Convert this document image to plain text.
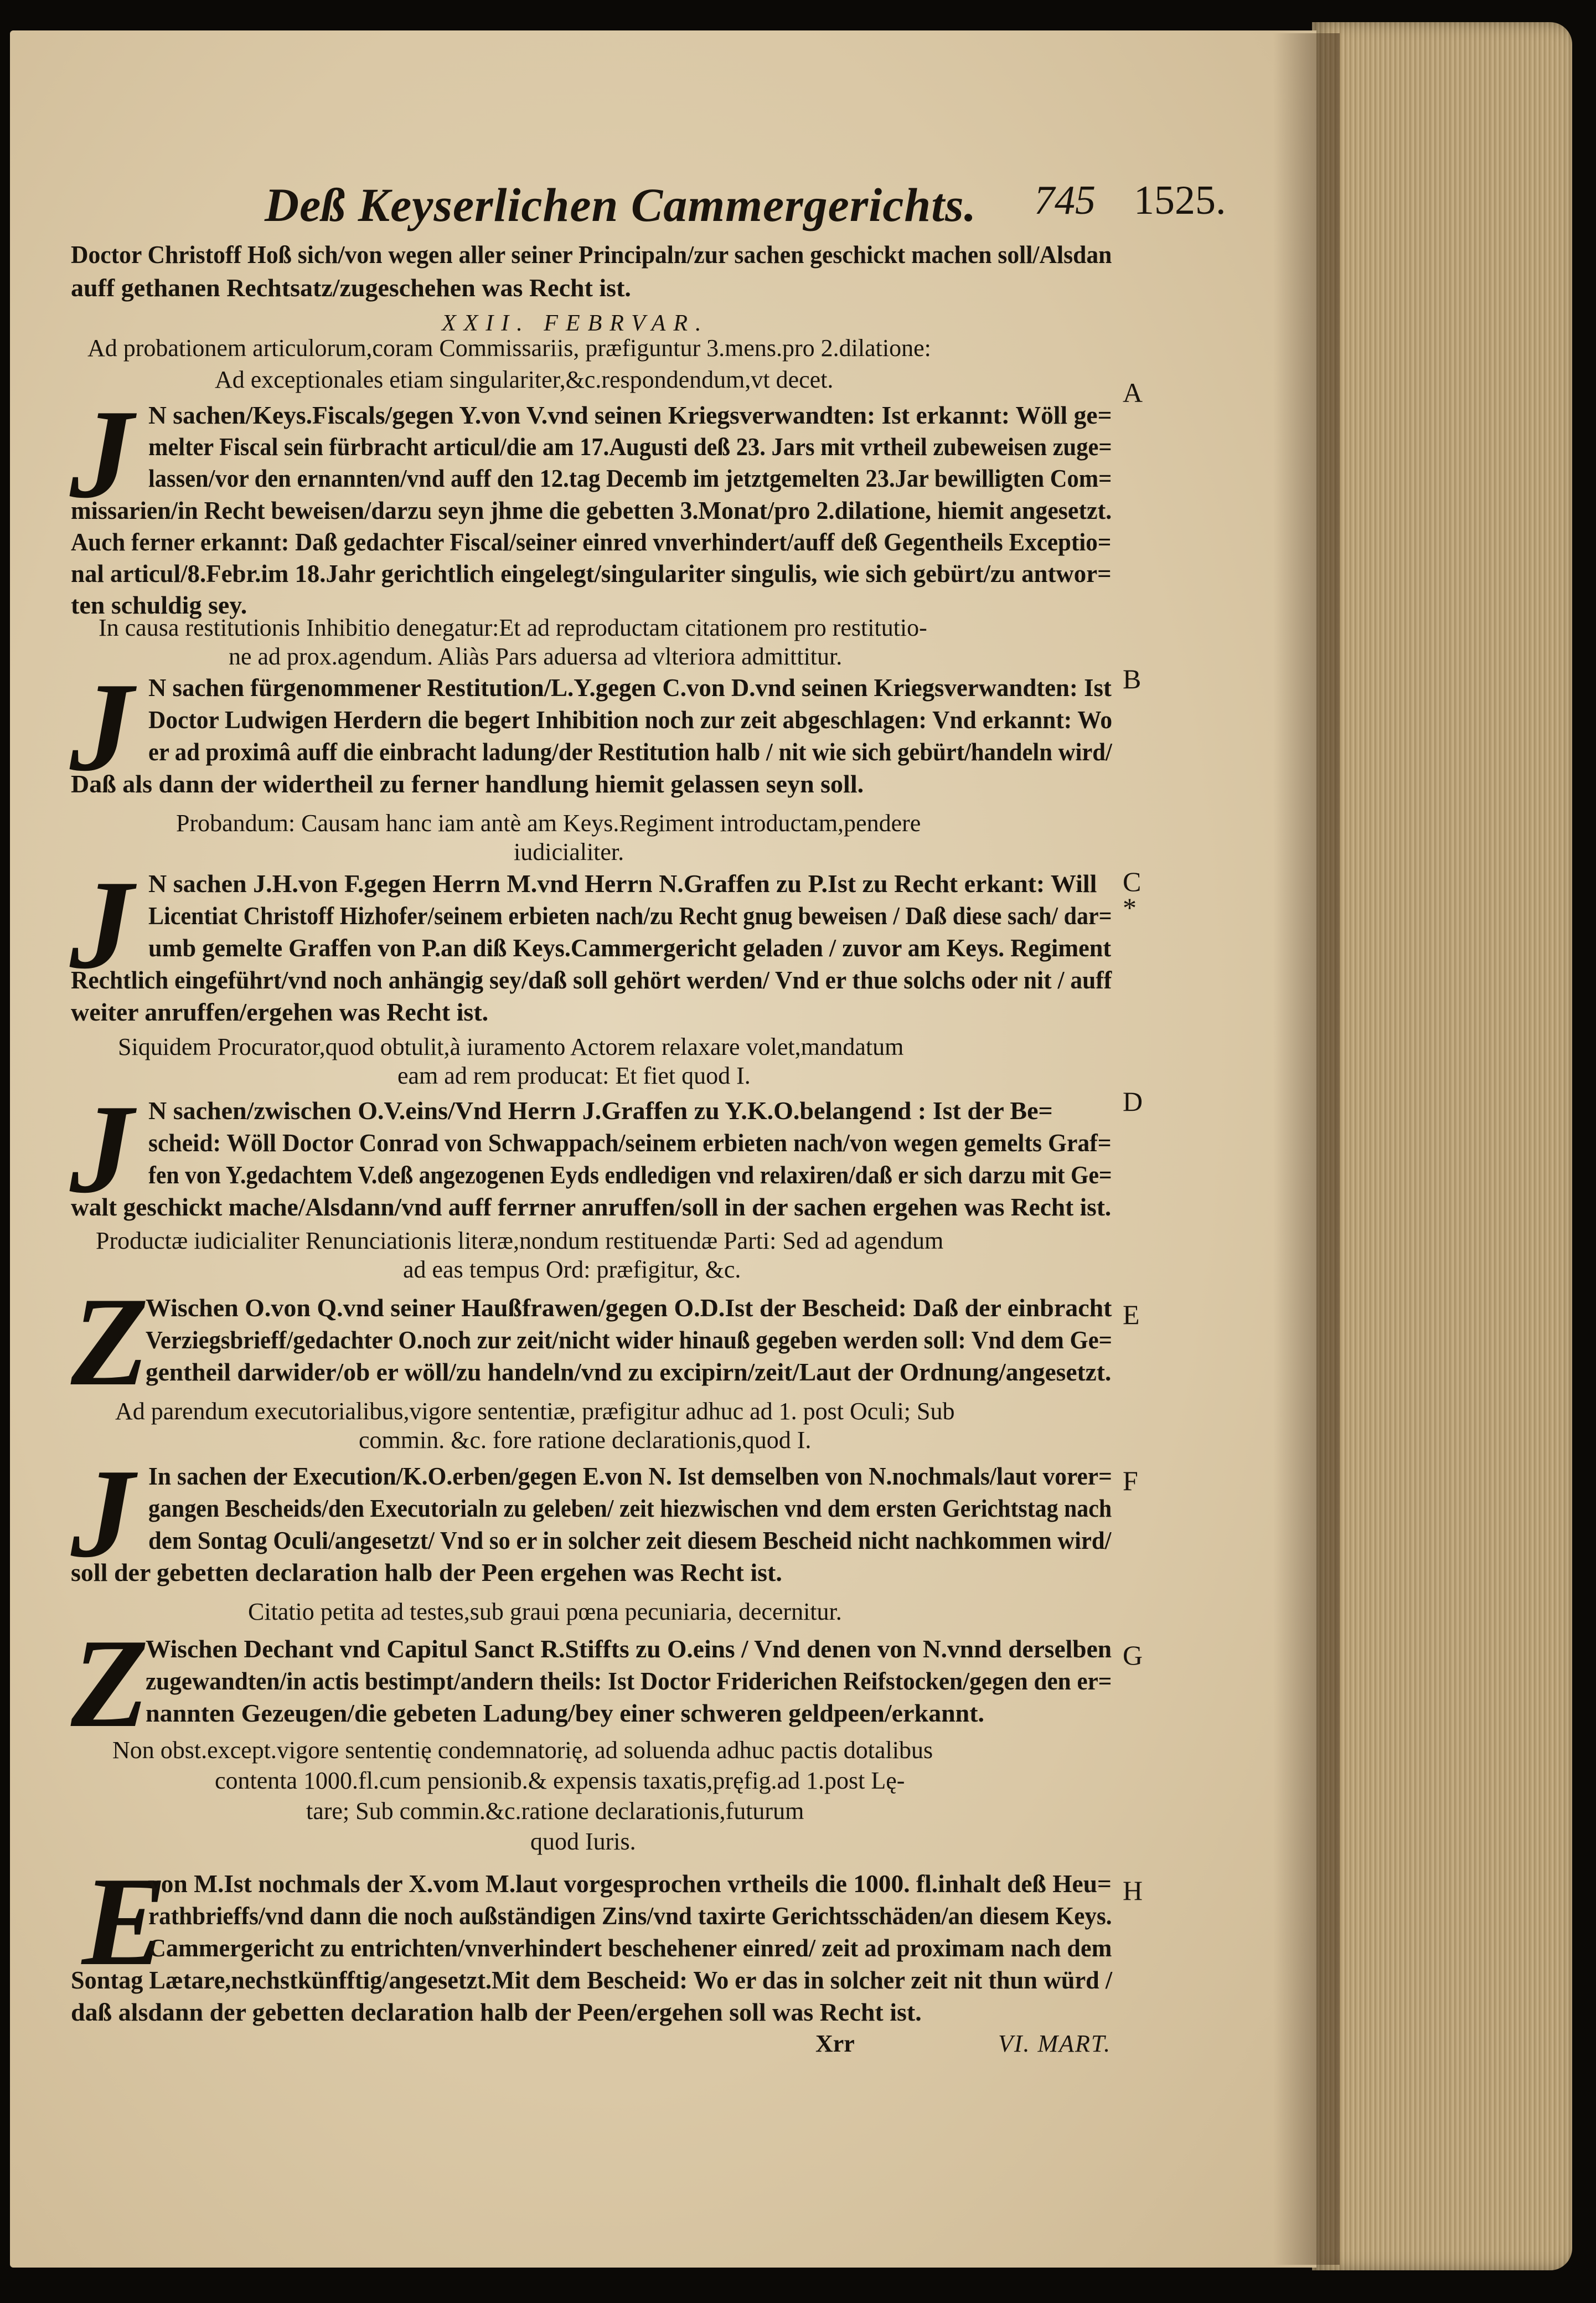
Deß Keyserlichen Cammergerichts. 745 1525.
Doctor Christoff Hoß sich/von wegen aller seiner Principaln/zur sachen geschickt machen soll/Alsdan
auff gethanen Rechtsatz/zugeschehen was Recht ist.
XXII. FEBRVAR.
Ad probationem articulorum,coram Commissariis, præfiguntur 3.mens.pro 2.dilatione:
Ad exceptionales etiam singulariter,&c.respondendum,vt decet.	A
J N sachen/Keys.Fiscals/gegen Y.von V.vnd seinen Kriegsverwandten: Ist erkannt: Wöll ge=
melter Fiscal sein fürbracht articul/die am 17.Augusti deß 23. Jars mit vrtheil zubeweisen zuge=
lassen/vor den ernannten/vnd auff den 12.tag Decemb im jetztgemelten 23.Jar bewilligten Com=
missarien/in Recht beweisen/darzu seyn jhme die gebetten 3.Monat/pro 2.dilatione, hiemit angesetzt.
Auch ferner erkannt: Daß gedachter Fiscal/seiner einred vnverhindert/auff deß Gegentheils Exceptio=
nal articul/8.Febr.im 18.Jahr gerichtlich eingelegt/singulariter singulis, wie sich gebürt/zu antwor=
ten schuldig sey.
In causa restitutionis Inhibitio denegatur:Et ad reproductam citationem pro restitutio-
ne ad prox.agendum. Aliàs Pars aduersa ad vlteriora admittitur.
B
J N sachen fürgenommener Restitution/L.Y.gegen C.von D.vnd seinen Kriegsverwandten: Ist
Doctor Ludwigen Herdern die begert Inhibition noch zur zeit abgeschlagen: Vnd erkannt: Wo
er ad proximâ auff die einbracht ladung/der Restitution halb / nit wie sich gebürt/handeln wird/
Daß als dann der widertheil zu ferner handlung hiemit gelassen seyn soll.
Probandum: Causam hanc iam antè am Keys.Regiment introductam,pendere
iudicialiter.
C
*
J N sachen J.H.von F.gegen Herrn M.vnd Herrn N.Graffen zu P.Ist zu Recht erkant: Will
Licentiat Christoff Hizhofer/seinem erbieten nach/zu Recht gnug beweisen / Daß diese sach/ dar=
umb gemelte Graffen von P.an diß Keys.Cammergericht geladen / zuvor am Keys. Regiment
Rechtlich eingeführt/vnd noch anhängig sey/daß soll gehört werden/ Vnd er thue solchs oder nit / auff
weiter anruffen/ergehen was Recht ist.
Siquidem Procurator,quod obtulit,à iuramento Actorem relaxare volet,mandatum
eam ad rem producat: Et fiet quod I.
D
J N sachen/zwischen O.V.eins/Vnd Herrn J.Graffen zu Y.K.O.belangend : Ist der Be=
scheid: Wöll Doctor Conrad von Schwappach/seinem erbieten nach/von wegen gemelts Graf=
fen von Y.gedachtem V.deß angezogenen Eyds endledigen vnd relaxiren/daß er sich darzu mit Ge=
walt geschickt mache/Alsdann/vnd auff ferrner anruffen/soll in der sachen ergehen was Recht ist.
Productæ iudicialiter Renunciationis literæ,nondum restituendæ Parti: Sed ad agendum
ad eas tempus Ord: præfigitur, &c.
E
Z
Wischen O.von Q.vnd seiner Haußfrawen/gegen O.D.Ist der Bescheid: Daß der einbracht
Verziegsbrieff/gedachter O.noch zur zeit/nicht wider hinauß gegeben werden soll: Vnd dem Ge=
gentheil darwider/ob er wöll/zu handeln/vnd zu excipirn/zeit/Laut der Ordnung/angesetzt.
Ad parendum executorialibus,vigore sententiæ, præfigitur adhuc ad 1. post Oculi; Sub
commin. &c. fore ratione declarationis,quod I.
F
J In sachen der Execution/K.O.erben/gegen E.von N. Ist demselben von N.nochmals/laut vorer=
gangen Bescheids/den Executorialn zu geleben/ zeit hiezwischen vnd dem ersten Gerichtstag nach
dem Sontag Oculi/angesetzt/ Vnd so er in solcher zeit diesem Bescheid nicht nachkommen wird/
soll der gebetten declaration halb der Peen ergehen was Recht ist.
Citatio petita ad testes,sub graui pœna pecuniaria, decernitur.
G
Z
Wischen Dechant vnd Capitul Sanct R.Stiffts zu O.eins / Vnd denen von N.vnnd derselben
zugewandten/in actis bestimpt/andern theils: Ist Doctor Friderichen Reifstocken/gegen den er=
nannten Gezeugen/die gebeten Ladung/bey einer schweren geldpeen/erkannt.
Non obst.except.vigore sententię condemnatorię, ad soluenda adhuc pactis dotalibus
contenta 1000.fl.cum pensionib.& expensis taxatis,pręfig.ad 1.post Lę-
tare; Sub commin.&c.ratione declarationis,futurum
quod Iuris.
H
E
von M.Ist nochmals der X.vom M.laut vorgesprochen vrtheils die 1000. fl.inhalt deß Heu=
rathbrieffs/vnd dann die noch außständigen Zins/vnd taxirte Gerichtsschäden/an diesem Keys.
Cammergericht zu entrichten/vnverhindert beschehener einred/ zeit ad proximam nach dem
Sontag Lætare,nechstkünfftig/angesetzt.Mit dem Bescheid: Wo er das in solcher zeit nit thun würd /
daß alsdann der gebetten declaration halb der Peen/ergehen soll was Recht ist.
Xrr	VI. MART.
